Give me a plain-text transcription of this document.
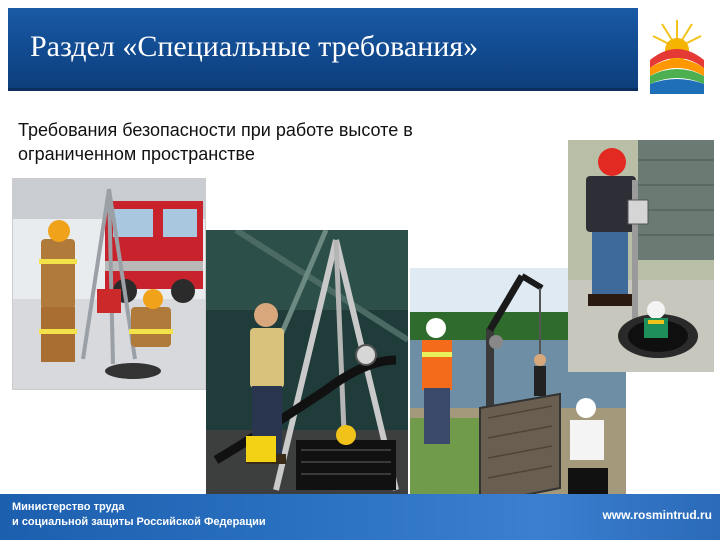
Раздел «Специальные требования»
Требования безопасности при работе высоте в
ограниченном пространстве
Министерство труда
и социальной защиты Российской Федерации	www.rosmintrud.ru
